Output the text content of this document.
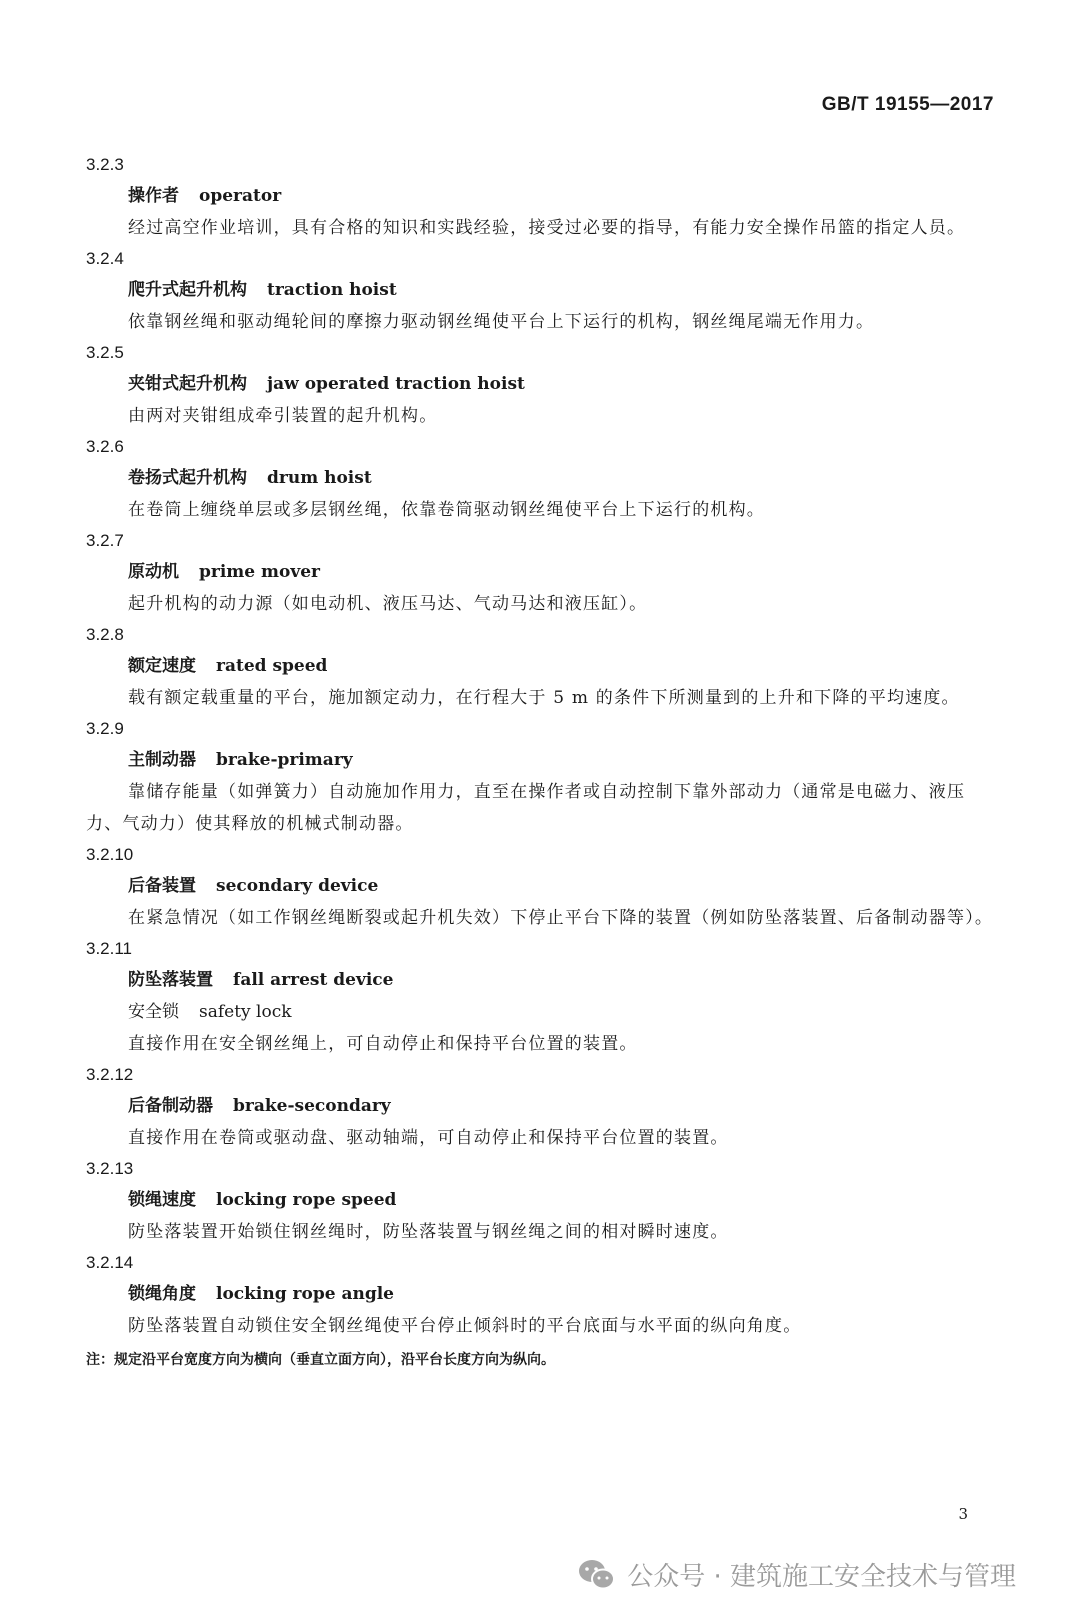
GB/T 19155—2017
3.2.3
操作者 operator
经过高空作业培训，具有合格的知识和实践经验，接受过必要的指导，有能力安全操作吊篮的指定人员。
3.2.4
爬升式起升机构 traction hoist
依靠钢丝绳和驱动绳轮间的摩擦力驱动钢丝绳使平台上下运行的机构，钢丝绳尾端无作用力。
3.2.5
夹钳式起升机构 jaw operated traction hoist
由两对夹钳组成牵引装置的起升机构。
3.2.6
卷扬式起升机构 drum hoist
在卷筒上缠绕单层或多层钢丝绳，依靠卷筒驱动钢丝绳使平台上下运行的机构。
3.2.7
原动机 prime mover
起升机构的动力源（如电动机、液压马达、气动马达和液压缸）。
3.2.8
额定速度 rated speed
载有额定载重量的平台，施加额定动力，在行程大于 5 m 的条件下所测量到的上升和下降的平均速度。
3.2.9
主制动器 brake-primary
靠储存能量（如弹簧力）自动施加作用力，直至在操作者或自动控制下靠外部动力（通常是电磁力、液压力、气动力）使其释放的机械式制动器。
3.2.10
后备装置 secondary device
在紧急情况（如工作钢丝绳断裂或起升机失效）下停止平台下降的装置（例如防坠落装置、后备制动器等）。
3.2.11
防坠落装置 fall arrest device
安全锁 safety lock
直接作用在安全钢丝绳上，可自动停止和保持平台位置的装置。
3.2.12
后备制动器 brake-secondary
直接作用在卷筒或驱动盘、驱动轴端，可自动停止和保持平台位置的装置。
3.2.13
锁绳速度 locking rope speed
防坠落装置开始锁住钢丝绳时，防坠落装置与钢丝绳之间的相对瞬时速度。
3.2.14
锁绳角度 locking rope angle
防坠落装置自动锁住安全钢丝绳使平台停止倾斜时的平台底面与水平面的纵向角度。
注：规定沿平台宽度方向为横向（垂直立面方向），沿平台长度方向为纵向。
3
公众号 · 建筑施工安全技术与管理
